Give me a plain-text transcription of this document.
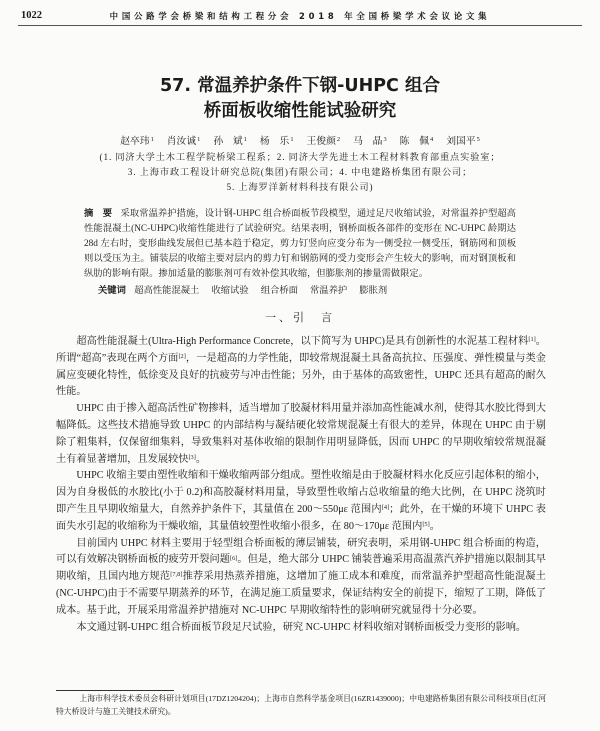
1022	中国公路学会桥梁和结构工程分会 2018 年全国桥梁学术会议论文集
57. 常温养护条件下钢-UHPC 组合
桥面板收缩性能试验研究
赵卒玮$^1$ 肖汝诚$^1$ 孙　斌$^1$ 杨　乐$^1$ 王俊颜$^2$ 马　晶$^3$ 陈　佩$^4$ 刘国平$^5$
(1. 同济大学土木工程学院桥梁工程系；2. 同济大学先进土木工程材料教育部重点实验室；
3. 上海市政工程设计研究总院(集团)有限公司；4. 中电建路桥集团有限公司；
5. 上海罗洋新材料科技有限公司)

摘　要 采取常温养护措施，设计钢-UHPC 组合桥面板节段模型，通过足尺收缩试验，对常温养护型超高性能混凝土(NC-UHPC)收缩性能进行了试验研究。结果表明，钢桥面板各部件的变形在 NC-UHPC 龄期达 28d 左右时，变形曲线发展但已基本趋于稳定，剪力钉竖向应变分布为一侧受拉一侧受压，钢筋网和顶板则以受压为主。铺装层的收缩主要对层内的剪力钉和钢筋网的受力变形会产生较大的影响，而对钢顶板和纵肋的影响有限。掺加适量的膨胀剂可有效补偿其收缩，但膨胀剂的掺量需做限定。

关键词 超高性能混凝土 收缩试验 组合桥面 常温养护 膨胀剂

一、引　言

超高性能混凝土(Ultra-High Performance Concrete，以下简写为 UHPC)是具有创新性的水泥基工程材料[1]。所谓“超高”表现在两个方面[2]，一是超高的力学性能，即较常规混凝土具备高抗拉、压强度、弹性模量与类金属应变硬化特性，低徐变及良好的抗疲劳与冲击性能；另外，由于基体的高致密性，UHPC 还具有超高的耐久性能。

UHPC 由于掺入超高活性矿物掺料，适当增加了胶凝材料用量并添加高性能减水剂，使得其水胶比得到大幅降低。这些技术措施导致 UHPC 的内部结构与凝结硬化较常规混凝土有很大的差异，体现在 UHPC 由于剔除了粗集料，仅保留细集料，导致集料对基体收缩的限制作用明显降低，因而 UHPC 的早期收缩较常规混凝土有着显著增加，且发展较快[3]。

UHPC 收缩主要由塑性收缩和干燥收缩两部分组成。塑性收缩是由于胶凝材料水化反应引起体积的缩小，因为自身极低的水胶比(小于 0.2)和高胶凝材料用量，导致塑性收缩占总收缩量的绝大比例，在 UHPC 浇筑时即产生且早期收缩量大，自然养护条件下，其量值在 200～550με 范围内[4]；此外，在干燥的环境下 UHPC 表面失水引起的收缩称为干燥收缩，其量值较塑性收缩小很多，在 80～170με 范围内[5]。

目前国内 UHPC 材料主要用于轻型组合桥面板的薄层铺装，研究表明，采用钢-UHPC 组合桥面的构造，可以有效解决钢桥面板的疲劳开裂问题[6]。但是，绝大部分 UHPC 铺装普遍采用高温蒸汽养护措施以限制其早期收缩，且国内地方规范[7,8]推荐采用热蒸养措施，这增加了施工成本和难度，而常温养护型超高性能混凝土(NC-UHPC)由于不需要早期蒸养的环节，在满足施工质量要求，保证结构安全的前提下，缩短了工期，降低了成本。基于此，开展采用常温养护措施对 NC-UHPC 早期收缩特性的影响研究就显得十分必要。

本文通过钢-UHPC 组合桥面板节段足尺试验，研究 NC-UHPC 材料收缩对钢桥面板受力变形的影响。

上海市科学技术委员会科研计划项目(17DZ1204204)；上海市自然科学基金项目(16ZR1439000)；中电建路桥集团有限公司科技项目(红河特大桥设计与施工关键技术研究)。
